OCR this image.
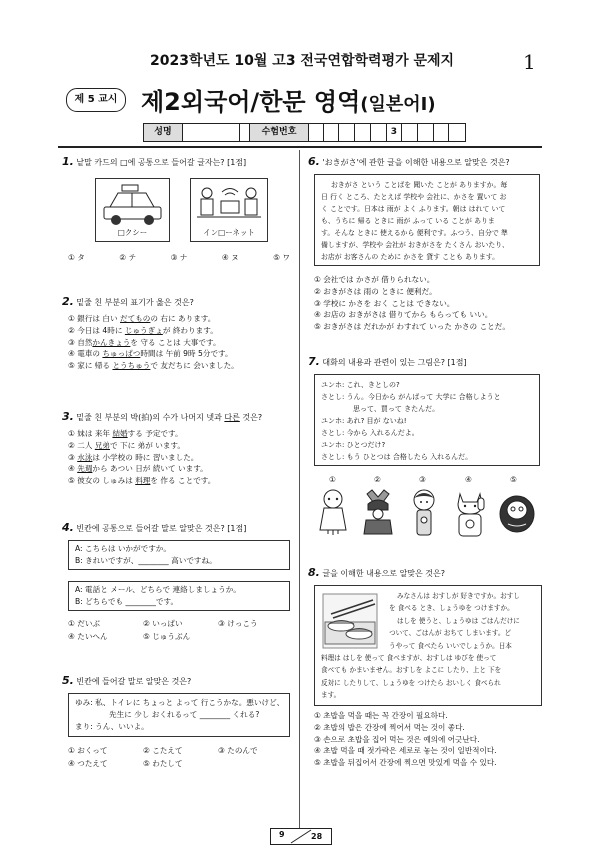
2023학년도 10월 고3 전국연합학력평가 문제지	1
제 5 교시 제2외국어/한문 영역(일본어Ⅰ)
성명	수험번호	3
1. 낱말 카드의 □에 공통으로 들어갈 글자는? [1점]
□クシー	イン□ーネット
① タ	② テ	③ ナ	④ ヌ	⑤ ワ
2. 밑줄 친 부분의 표기가 옳은 것은?
① 銀行は 白い だてものの 右に あります。
② 今日は 4時に じゅうぎょが 終わります。
③ 自然かんきょうを 守る ことは 大事です。
④ 電車の ちゅっぱつ時間は 午前 9時 5分です。
⑤ 家に 帰る とうちゅうで 友だちに 会いました。
3. 밑줄 친 부분의 박(拍)의 수가 나머지 넷과 다른 것은?
① 妹は 来年 結婚する 予定です。
② 二人 兄弟で 下に 弟が います。
③ 水泳は 小学校の 時に 習いました。
④ 先週から あつい 日が 続いて います。
⑤ 彼女の しゅみは 料理を 作る ことです。
4. 빈칸에 공통으로 들어갈 말로 알맞은 것은? [1점]
A: こちらは いかがですか。
B: きれいですが、________ 高いですね。
A: 電話と メール、どちらで 連絡しましょうか。
B: どちらでも ________です。
① だいぶ	② いっぱい	③ けっこう
④ たいへん	⑤ じゅうぶん
5. 빈칸에 들어갈 말로 알맞은 것은?
ゆみ: 私、トイレに ちょっと よって 行こうかな。悪いけど、
先生に 少し おくれるって ________ くれる?
まり: うん、いいよ。
① おくって	② こたえて	③ たのんで
④ つたえて	⑤ わたして
6. 'おきがさ'에 관한 글을 이해한 내용으로 알맞은 것은?
おきがさ という ことばを 聞いた ことが ありますか。毎
日 行く ところ、たとえば 学校や 会社に、かさを 置いて お
く ことです。日本は 雨が よく ふります。朝は はれて いて
も、うちに 帰る ときに 雨が ふって いる ことが ありま
す。そんな ときに 使えるから 便利です。ふつう、自分で 準
備しますが、学校や 会社が おきがさを たくさん おいたり、
お店が お客さんの ために かさを 貸す ことも あります。
① 会社では かさが 借りられない。
② おきがさは 雨の ときに 便利だ。
③ 学校に かさを おく ことは できない。
④ お店の おきがさは 借りてから もらっても いい。
⑤ おきがさは だれかが わすれて いった かさの ことだ。
7. 대화의 내용과 관련이 있는 그림은? [1점]
ユンホ: これ、きとしの?
さとし: うん。今日から がんばって 大学に 合格しようと
思って、買って きたんだ。
ユンホ: あれ? 目が ないね!
さとし: 今から 入れるんだよ。
ユンホ: ひとつだけ?
さとし: もう ひとつは 合格したら 入れるんだ。
①	②	③	④	⑤
8. 글을 이해한 내용으로 알맞은 것은?
みなさんは おすしが 好きですか。おすし
を 食べる とき、しょうゆを つけますか。
はしを 使うと、しょうゆは ごはんだけに
ついて、ごはんが おちて しまいます。ど
うやって 食べたら いいでしょうか。日本
料理は はしを 使って 食べますが、おすしは ゆびを 使って
食べても かまいません。おすしを よこに したり、上と 下を
反対に したりして、しょうゆを つけたら おいしく 食べられ
ます。
① 초밥을 먹을 때는 꼭 간장이 필요하다.
② 초밥의 밥은 간장에 찍어서 먹는 것이 좋다.
③ 손으로 초밥을 집어 먹는 것은 예의에 어긋난다.
④ 초밥 먹을 때 젓가락은 세로로 놓는 것이 일반적이다.
⑤ 초밥을 뒤집어서 간장에 찍으면 맛있게 먹을 수 있다.
9	28
